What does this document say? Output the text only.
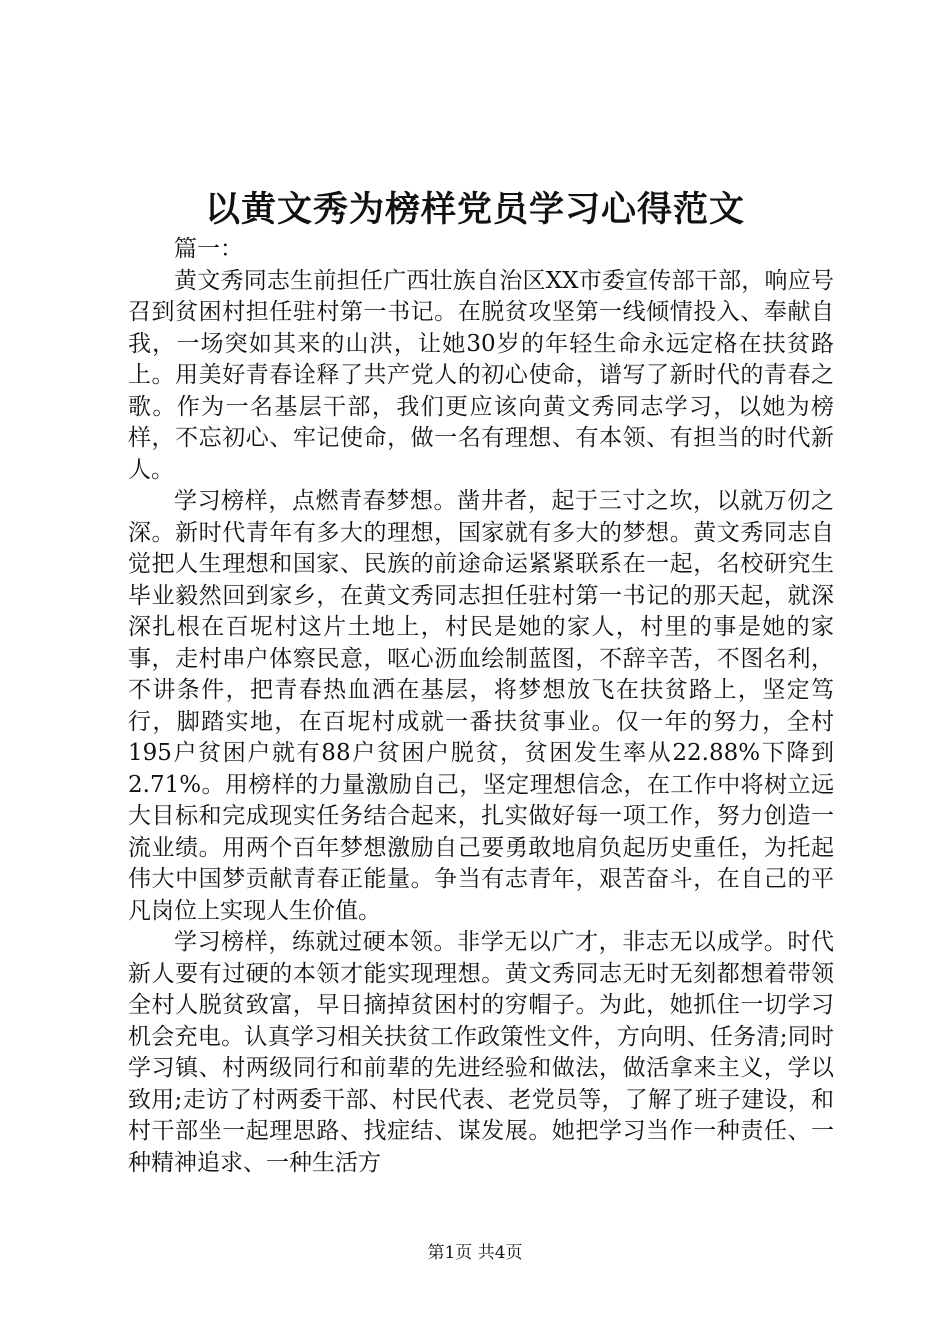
以黄文秀为榜样党员学习心得范文

篇一：

黄文秀同志生前担任广西壮族自治区XX市委宣传部干部，响应号召到贫困村担任驻村第一书记。在脱贫攻坚第一线倾情投入、奉献自我，一场突如其来的山洪，让她30岁的年轻生命永远定格在扶贫路上。用美好青春诠释了共产党人的初心使命，谱写了新时代的青春之歌。作为一名基层干部，我们更应该向黄文秀同志学习，以她为榜样，不忘初心、牢记使命，做一名有理想、有本领、有担当的时代新人。

学习榜样，点燃青春梦想。凿井者，起于三寸之坎，以就万仞之深。新时代青年有多大的理想，国家就有多大的梦想。黄文秀同志自觉把人生理想和国家、民族的前途命运紧紧联系在一起，名校研究生毕业毅然回到家乡，在黄文秀同志担任驻村第一书记的那天起，就深深扎根在百坭村这片土地上，村民是她的家人，村里的事是她的家事，走村串户体察民意，呕心沥血绘制蓝图，不辞辛苦，不图名利，不讲条件，把青春热血洒在基层，将梦想放飞在扶贫路上，坚定笃行，脚踏实地，在百坭村成就一番扶贫事业。仅一年的努力，全村195户贫困户就有88户贫困户脱贫，贫困发生率从22.88%下降到2.71%。用榜样的力量激励自己，坚定理想信念，在工作中将树立远大目标和完成现实任务结合起来，扎实做好每一项工作，努力创造一流业绩。用两个百年梦想激励自己要勇敢地肩负起历史重任，为托起伟大中国梦贡献青春正能量。争当有志青年，艰苦奋斗，在自己的平凡岗位上实现人生价值。

学习榜样，练就过硬本领。非学无以广才，非志无以成学。时代新人要有过硬的本领才能实现理想。黄文秀同志无时无刻都想着带领全村人脱贫致富，早日摘掉贫困村的穷帽子。为此，她抓住一切学习机会充电。认真学习相关扶贫工作政策性文件，方向明、任务清;同时学习镇、村两级同行和前辈的先进经验和做法，做活拿来主义，学以致用;走访了村两委干部、村民代表、老党员等，了解了班子建设，和村干部坐一起理思路、找症结、谋发展。她把学习当作一种责任、一种精神追求、一种生活方

第1页 共4页
